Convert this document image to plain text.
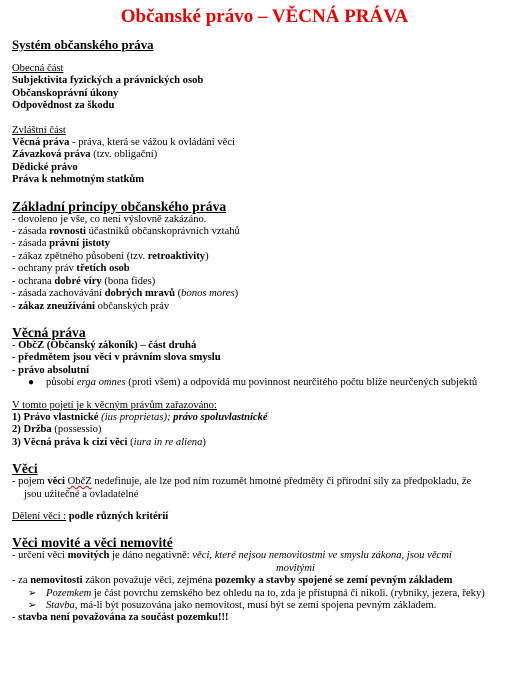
Občanské právo – VĚCNÁ PRÁVA
Systém občanského práva
Obecná část
Subjektivita fyzických a právnických osob
Občanskoprávní úkony
Odpovědnost za škodu
Zvláštní část
Věcná práva - práva, která se vážou k ovládání věci
Závazková práva (tzv. obligační)
Dědické právo
Práva k nehmotným statkům
Základní principy občanského práva
- dovoleno je vše, co není výslovně zakázáno.
- zásada rovnosti účastníků občanskoprávních vztahů
- zásada právní jistoty
- zákaz zpětného působení (tzv. retroaktivity)
- ochrany práv třetích osob
- ochrana dobré víry (bona fides)
- zásada zachovávání dobrých mravů (bonos mores)
- zákaz zneužívání občanských práv
Věcná práva
- ObčZ (Občanský zákoník) – část druhá
- předmětem jsou věci v právním slova smyslu
- právo absolutní
●	působí erga omnes (proti všem) a odpovídá mu povinnost neurčitého počtu blíže neurčených subjektů
V tomto pojetí je k věcným právům zařazováno:
1) Právo vlastnické (ius proprietas); právo spoluvlastnické
2) Držba (possessio)
3) Věcná práva k cizí věci (iura in re aliena)
Věci
- pojem věci ObčZ nedefinuje, ale lze pod ním rozumět hmotné předměty či přírodní síly za předpokladu, že
jsou užitečné a ovladatelné
Dělení věcí : podle různých kritérií
Věci movité a věci nemovité
- určení věci movitých je dáno negativně: věci, které nejsou nemovitostmi ve smyslu zákona, jsou věcmi
movitými
- za nemovitosti zákon považuje věci, zejména pozemky a stavby spojené se zemí pevným základem
➢ Pozemkem je část povrchu zemského bez ohledu na to, zda je přístupná či nikoli. (rybníky, jezera, řeky)
➢ Stavba, má-li být posuzována jako nemovitost, musí být se zemí spojena pevným základem.
- stavba není považována za součást pozemku!!!
